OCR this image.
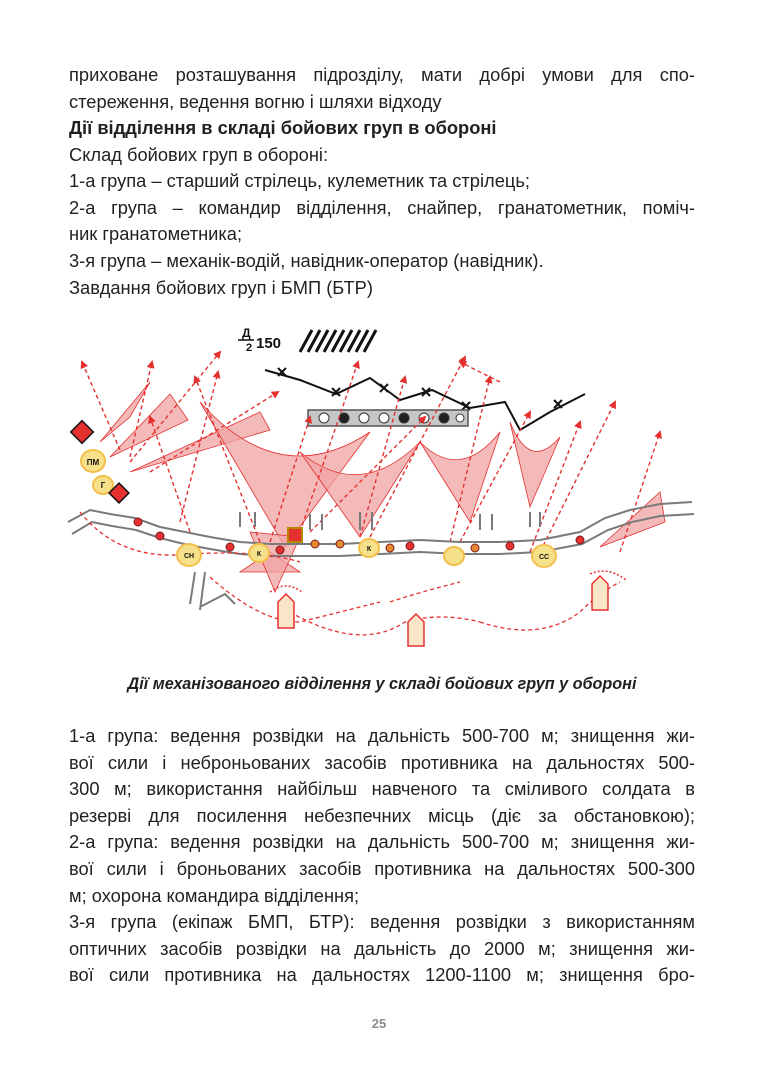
приховане розташування підрозділу, мати добрі умови для спо-
стереження, ведення вогню і шляхи відходу
Дії відділення в складі бойових груп в обороні
Склад бойових груп в обороні:
1-а група – старший стрілець, кулеметник та стрілець;
2-а група – командир відділення, снайпер, гранатометник, поміч-
ник гранатометника;
3-я група – механік-водій, навідник-оператор (навідник).
Завдання бойових груп і БМП (БТР)
Д
2 150
ПМ
Г
СН	К
К
СС
Дії механізованого відділення у складі бойових груп у обороні
1-а група: ведення розвідки на дальність 500-700 м; знищення жи-
вої сили і неброньованих засобів противника на дальностях 500-
300 м; використання найбільш навченого та сміливого солдата в
резерві для посилення небезпечних місць (діє за обстановкою);
2-а група: ведення розвідки на дальність 500-700 м; знищення жи-
вої сили і броньованих засобів противника на дальностях 500-300
м; охорона командира відділення;
3-я група (екіпаж БМП, БТР): ведення розвідки з використанням
оптичних засобів розвідки на дальність до 2000 м; знищення жи-
вої сили противника на дальностях 1200-1100 м; знищення бро-
25
